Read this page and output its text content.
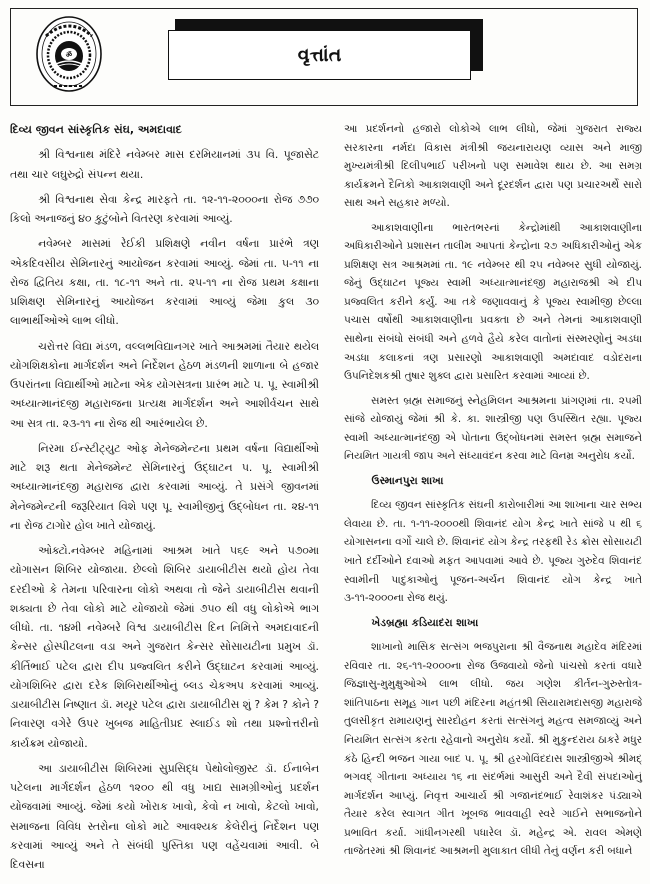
ॐ	વૃત્તાંત
દિવ્ય જીવન સાંસ્કૃતિક સંઘ, અમદાવાદ

શ્રી વિશ્વનાથ મંદિરે નવેમ્બર માસ દરમિયાનમાં ૩૫ વિ. પૂજાસેટ તથા ચાર લઘુરુદ્રો સંપન્ન થયા.

શ્રી વિશ્વનાથ સેવા કેન્દ્ર મારફતે તા. ૧૨-૧૧-૨૦૦૦ના રોજ ૭૭૦ કિલો અનાજનું ૪૦ કુટુંબોને વિતરણ કરવામાં આવ્યું.

નવેમ્બર માસમાં રેઈકી પ્રશિક્ષણે નવીન વર્ષના પ્રારંભે ત્રણ એકદિવસીય સેમિનારનું આયોજન કરવામાં આવ્યું. જેમાં તા. ૫-૧૧ ના રોજ દ્વિતિય કક્ષા, તા. ૧૮-૧૧ અને તા. ૨૫-૧૧ ના રોજ પ્રથમ કક્ષાના પ્રશિક્ષણ સેમિનારનું આયોજન કરવામાં આવ્યું જેમા કુલ ૩૦ લાભાર્થીઓએ લાભ લીધો.

ચરોત્તર વિદ્યા મંડળ, વલ્લભવિદ્યાનગર ખાતે આશ્રમમાં તૈયાર થયેલ યોગશિક્ષકોના માર્ગદર્શન અને નિર્દેશન હેઠળ મંડળની શાળાના બે હજાર ઉપરાંતના વિદ્યાર્થીઓ માટેના એક યોગસત્રના પ્રારંભ માટે પ. પૂ. સ્વામીશ્રી અધ્યાત્માનંદજી મહારાજના પ્રત્યક્ષ માર્ગદર્શન અને આશીર્વચન સાથે આ સત્ર તા. ૨૩-૧૧ ના રોજ થી આરંભાયેલ છે.

નિરમા ઈન્સ્ટીટ્યુટ ઓફ મેનેજમેન્ટના પ્રથમ વર્ષના વિદ્યાર્થીઓ માટે શરૂ થતા મેનેજમેન્ટ સેમિનારનું ઉદ્‌ઘાટન પ. પૂ. સ્વામીશ્રી અધ્યાત્માનંદજી મહારાજ દ્વારા કરવામાં આવ્યું. તે પ્રસંગે જીવનમાં મેનેજમેન્ટની જરૂરિયાત વિશે પણ પૂ. સ્વામીજીનું ઉદ્‌બોધન તા. ૨૪-૧૧ ના રોજ ટાગોર હોલ ખાતે યોજાયું.

ઓક્ટો.નવેમ્બર મહિનામાં આશ્રમ ખાતે ૫૬૯ અને ૫૭૦મા યોગાસન શિબિર યોજાયા. છેલ્લો શિબિર ડાયાબીટીસ થયો હોય તેવા દરદીઓ કે તેમના પરિવારના લોકો અથવા તો જેને ડાયાબીટીસ થવાની શક્યતા છે તેવા લોકો માટે યોજાયો જેમાં ૭૫૦ થી વધુ લોકોએ ભાગ લીધો. તા. ૧૪મી નવેમ્બરે વિશ્વ ડાયાબીટીસ દિન નિમિત્તે અમદાવાદની કેન્સર હોસ્પીટલના વડા અને ગુજરાત કેન્સર સોસાયટીના પ્રમુખ ડૉ. કીર્તિભાઈ પટેલ દ્વારા દીપ પ્રજ્વલિત કરીને ઉદ્‌ઘાટન કરવામાં આવ્યું. યોગશિબિર દ્વારા દરેક શિબિરાર્થીઓનું બ્લડ ચેકઅપ કરવામાં આવ્યું. ડાયાબીટીસ નિષ્ણાત ડૉ. મયૂર પટેલ દ્વારા ડાયાબીટીસ શું ? કેમ ? કોને ? નિવારણ વગેરે ઉપર ખુબજ માહિતીપ્રદ સ્લાઈડ શો તથા પ્રશ્નોત્તરીનો કાર્યક્રમ યોજાયો.

આ ડાયાબીટીસ શિબિરમાં સુપ્રસિદ્ધ પેથોલોજીસ્ટ ડૉ. ઈનાબેન પટેલના માર્ગદર્શન હેઠળ ૧૨૦૦ થી વધુ ખાદ્ય સામગ્રીઓનું પ્રદર્શન યોજવામાં આવ્યું. જેમાં કયો ખોરાક ખાવો, કેવો ન ખાવો, કેટલો ખાવો, સમાજના વિવિધ સ્તરોના લોકો માટે આવશ્યક કેલેરીનું નિર્દેશન પણ કરવામાં આવ્યું અને તે સંબંધી પુસ્તિકા પણ વહેંચવામાં આવી. બે દિવસના

આ પ્રદર્શનનો હજારો લોકોએ લાભ લીધો, જેમાં ગુજરાત રાજ્ય સરકારના નર્મદા વિકાસ મંત્રીશ્રી જયનારાયણ વ્યાસ અને માજી મુખ્યમંત્રીશ્રી દિલીપભાઈ પરીખનો પણ સમાવેશ થાય છે. આ સમગ્ર કાર્યક્રમને દૈનિકો આકાશવાણી અને દૂરદર્શન દ્વારા પણ પ્રચારઅર્થે સારો સાથ અને સહકાર મળ્યો.

આકાશવાણીના ભારતભરનાં કેન્દ્રોમાંથી આકાશવાણીના અધિકારીઓને પ્રશાસન તાલીમ આપતાં કેન્દ્રોના ૨૭ અધિકારીઓનું એક પ્રશિક્ષણ સત્ર આશ્રમમાં તા. ૧૯ નવેમ્બર થી ૨૫ નવેમ્બર સુધી યોજાયું. જેનું ઉદ્‌ઘાટન પૂજ્ય સ્વામી અધ્યાત્માનંદજી મહારાજશ્રી એ દીપ પ્રજ્વલિત કરીને કર્યું. આ તકે જણાવવાનું કે પૂજ્ય સ્વામીજી છેલ્લા પચાસ વર્ષોથી આકાશવાણીના પ્રવક્તા છે અને તેમનાં આકાશવાણી સાથેના સંબંધો સંબંધી અને હળવે હૈયે કરેલ વાતોનાં સંસ્મરણોનું અડધા અડધા કલાકનાં ત્રણ પ્રસારણો આકાશવાણી અમદાવાદ વડોદરાના ઉપનિદેશકશ્રી તુષાર શુક્લ દ્વારા પ્રસારિત કરવામાં આવ્યાં છે.

સમસ્ત બ્રહ્મ સમાજનું સ્નેહમિલન આશ્રમના પ્રાંગણમાં તા. ૨૫મી સાંજે યોજાયું જેમાં શ્રી કે. કા. શાસ્ત્રીજી પણ ઉપસ્થિત રહ્યા. પૂજ્ય સ્વામી અધ્યાત્માનંદજી એ પોતાના ઉદ્‌બોધનમાં સમસ્ત બ્રહ્મ સમાજને નિયમિત ગાયત્રી જાપ અને સંધ્યાવંદન કરવા માટે વિનમ્ર અનુરોધ કર્યો.

ઉસ્માનપુરા શાખા

દિવ્ય જીવન સાંસ્કૃતિક સંઘની કારોબારીમાં આ શાખાના ચાર સભ્ય લેવાયા છે. તા. ૧-૧૧-૨૦૦૦થી શિવાનંદ યોગ કેન્દ્ર ખાતે સાંજે ૫ થી ૬ યોગાસનના વર્ગો ચાલે છે. શિવાનંદ યોગ કેન્દ્ર તરફથી રેડ ક્રોસ સોસાયટી ખાતે દર્દીઓને દવાઓ મફત આપવામાં આવે છે. પૂજ્ય ગુરુદેવ શિવાનંદ સ્વામીની પાદુકાઓનું પૂજન-અર્ચન શિવાનંદ યોગ કેન્દ્ર ખાતે ૩-૧૧-૨૦૦૦ના રોજ થયું.

ખેડબ્રહ્મા કડિયાદરા શાખા

શાખાનો માસિક સત્સંગ ભજપુરાના શ્રી વૈજનાથ મહાદેવ મંદિરમાં રવિવાર તા. ૨૬-૧૧-૨૦૦૦ના રોજ ઉજવાયો જેનો પાંચસો કરતાં વધારે જિજ્ઞાસુ-મુમુક્ષુઓએ લાભ લીધો. જય ગણેશ કીર્તન-ગુરુસ્તોત્ર-શાંતિપાઠના સમૂહ ગાન પછી મંદિરના મહંતશ્રી સિયારામદાસજી મહારાજે તુલસીકૃત રામાયણનું સારદોહન કરતાં સત્સંગનું મહત્વ સમજાવ્યું અને નિયમિત સત્સંગ કરતા રહેવાનો અનુરોધ કર્યો. શ્રી મુકુન્દરાય ઠાકરે મધુર કંઠે હિન્દી ભજન ગાયા બાદ પ. પૂ. શ્રી હરગોવિંદદાસ શાસ્ત્રીજીએ શ્રીમદ્ ભગવદ્ ગીતાના અધ્યાય ૧૬ ના સંદર્ભમાં આસુરી અને દૈવી સંપદાઓનું માર્ગદર્શન આપ્યું. નિવૃત્ત આચાર્ય શ્રી ગજાનંદભાઈ રેવાશંકર પંડ્યાએ તૈયાર કરેલ સ્વાગત ગીત ખૂબજ ભાવવાહી સ્વરે ગાઈને સભાજનોને પ્રભાવિત કર્યા. ગાંધીનગરથી પધારેલ ડૉ. મહેન્દ્ર એ. રાવલ એમણે તાજેતરમાં શ્રી શિવાનંદ આશ્રમની મુલાકાત લીધી તેનું વર્ણન કરી બધાને
